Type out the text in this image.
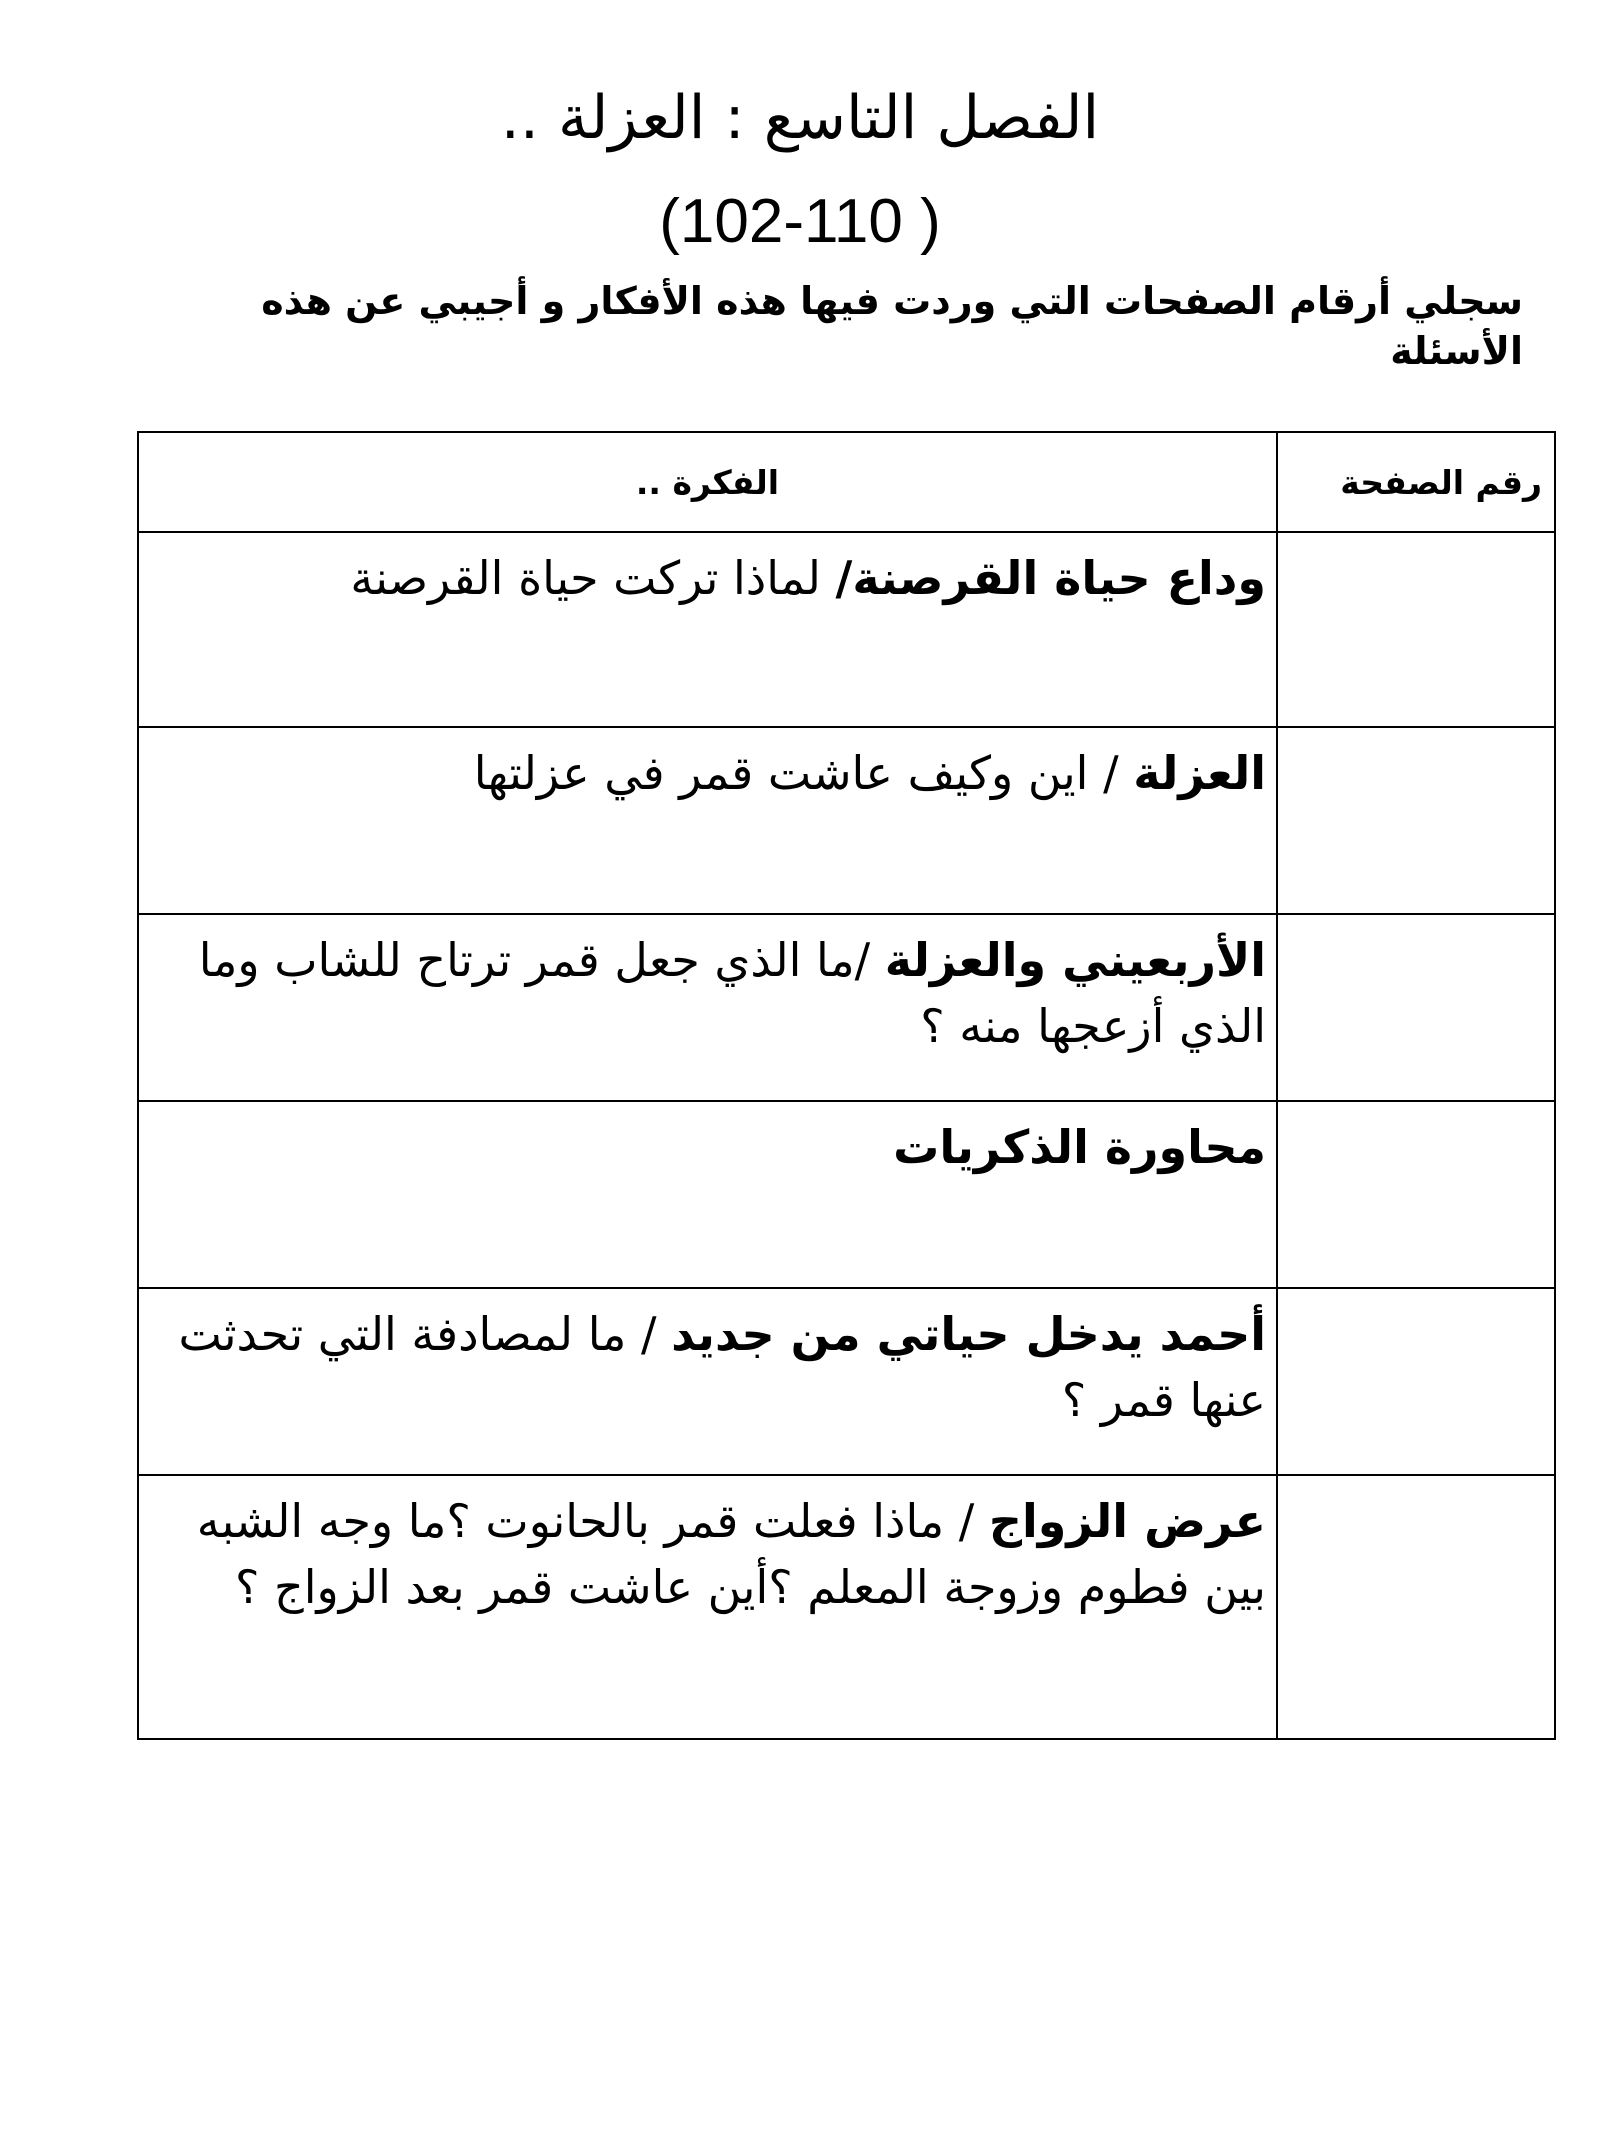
الفصل التاسع : العزلة ..
(102-110 )
سجلي أرقام الصفحات التي وردت فيها هذه الأفكار و أجيبي عن هذه الأسئلة
رقم الصفحة	الفكرة ..
	وداع حياة القرصنة/ لماذا تركت حياة القرصنة
	العزلة / اين وكيف عاشت قمر في عزلتها
	الأربعيني والعزلة /ما الذي جعل قمر ترتاح للشاب وما الذي أزعجها منه ؟
	محاورة الذكريات
	أحمد يدخل حياتي من جديد / ما لمصادفة التي تحدثت عنها قمر ؟
	عرض الزواج / ماذا فعلت قمر بالحانوت ؟ما وجه الشبه بين فطوم وزوجة المعلم ؟أين عاشت قمر بعد الزواج ؟
